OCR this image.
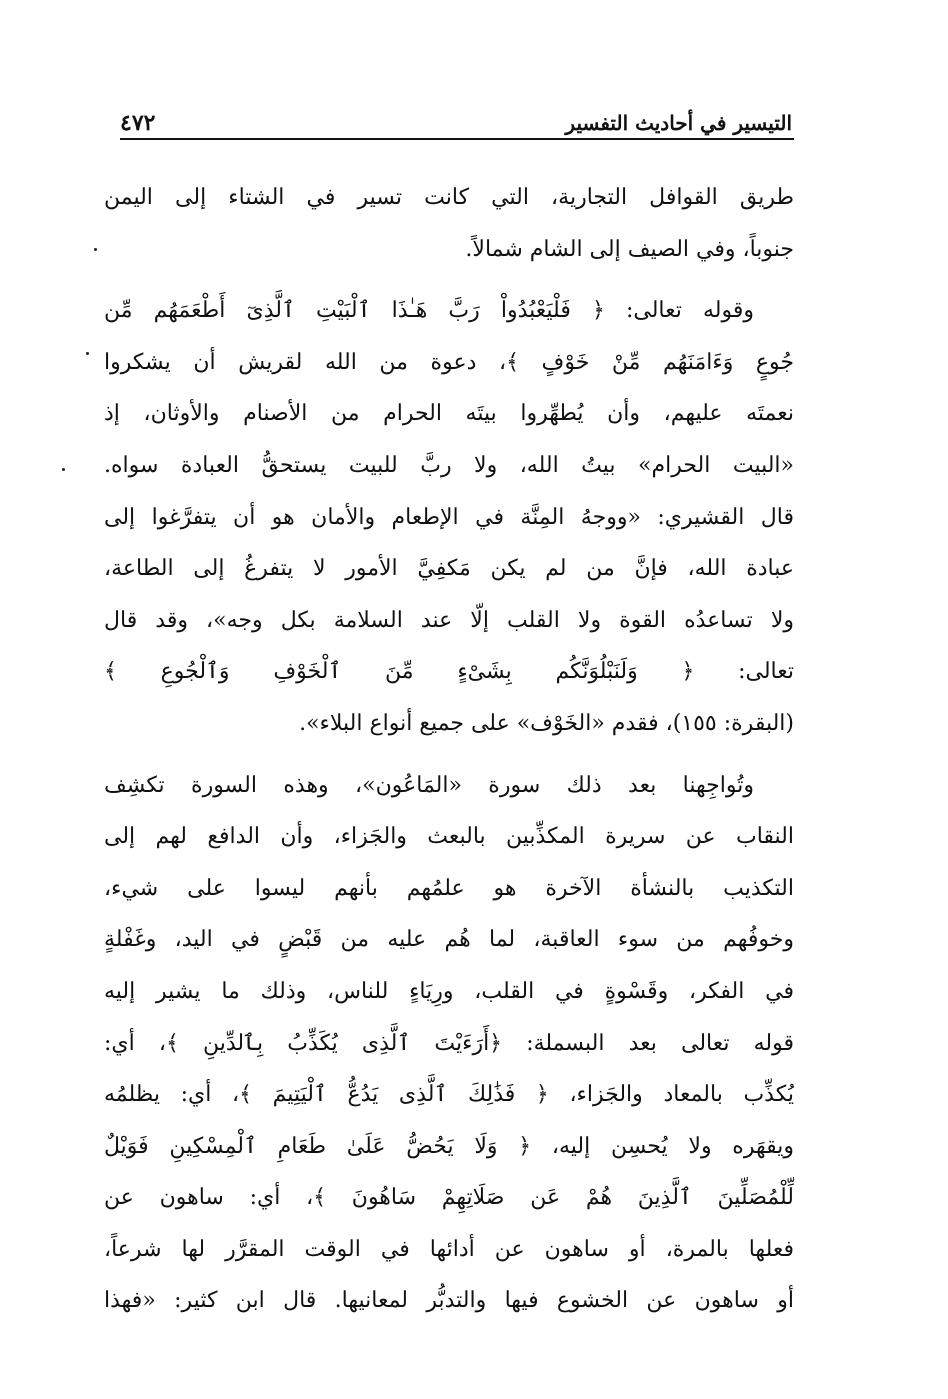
التيسير في أحاديث التفسير
٤٧٢
طريق القوافل التجارية، التي كانت تسير في الشتاء إلى اليمن
جنوباً، وفي الصيف إلى الشام شمالاً.
وقوله تعالى: ﴿ فَلْيَعْبُدُواْ رَبَّ هَـٰذَا ٱلْبَيْتِ ٱلَّذِىٓ أَطْعَمَهُم مِّن
جُوعٍ وَءَامَنَهُم مِّنْ خَوْفٍ ﴾، دعوة من الله لقريش أن يشكروا
نعمتَه عليهم، وأن يُطهِّروا بيتَه الحرام من الأصنام والأوثان، إذ
«البيت الحرام» بيتُ الله، ولا ربَّ للبيت يستحقُّ العبادة سواه.
قال القشيري: «ووجهُ المِنَّة في الإطعام والأمان هو أن يتفرَّغوا إلى
عبادة الله، فإنَّ من لم يكن مَكفِيَّ الأمور لا يتفرغُ إلى الطاعة،
ولا تساعدُه القوة ولا القلب إلّا عند السلامة بكل وجه»، وقد قال
تعالى: ﴿ وَلَنَبْلُوَنَّكُم بِشَىْءٍ مِّنَ ٱلْخَوْفِ وَٱلْجُوعِ ﴾
(البقرة: ١٥٥)، فقدم «الخَوْف» على جميع أنواع البلاء».
وتُواجِهنا بعد ذلك سورة «المَاعُون»، وهذه السورة تكشِف
النقاب عن سريرة المكذِّبين بالبعث والجَزاء، وأن الدافع لهم إلى
التكذيب بالنشأة الآخرة هو علمُهم بأنهم ليسوا على شيء،
وخوفُهم من سوء العاقبة، لما هُم عليه من قَبْضٍ في اليد، وغَفْلةٍ
في الفكر، وقَسْوةٍ في القلب، ورِيَاءٍ للناس، وذلك ما يشير إليه
قوله تعالى بعد البسملة: ﴿أَرَءَيْتَ ٱلَّذِى يُكَذِّبُ بِٱلدِّينِ ﴾، أي:
يُكذِّب بالمعاد والجَزاء، ﴿ فَذَٰلِكَ ٱلَّذِى يَدُعُّ ٱلْيَتِيمَ ﴾، أي: يظلمُه
ويقهَره ولا يُحسِن إليه، ﴿ وَلَا يَحُضُّ عَلَىٰ طَعَامِ ٱلْمِسْكِينِ فَوَيْلٌ
لِّلْمُصَلِّينَ ٱلَّذِينَ هُمْ عَن صَلَاتِهِمْ سَاهُونَ ﴾، أي: ساهون عن
فعلها بالمرة، أو ساهون عن أدائها في الوقت المقرَّر لها شرعاً،
أو ساهون عن الخشوع فيها والتدبُّر لمعانيها. قال ابن كثير: «فهذا
